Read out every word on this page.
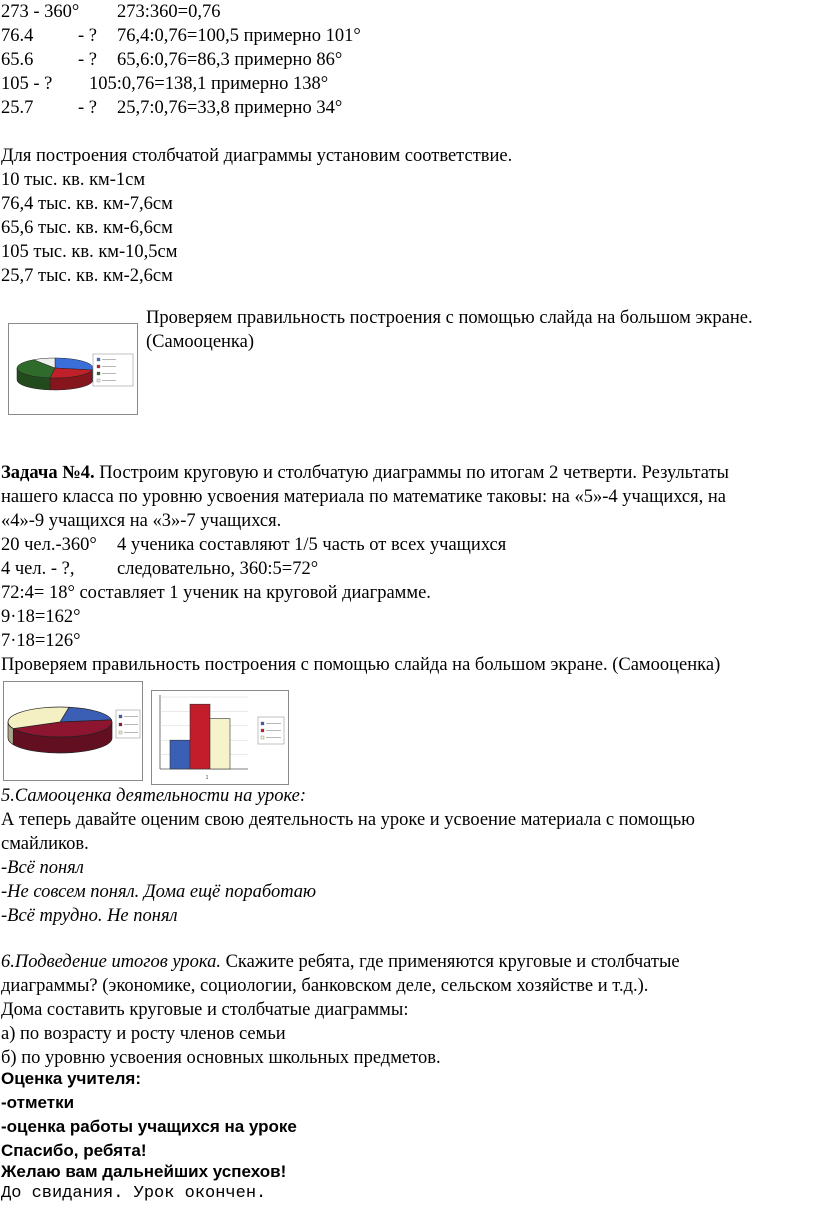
273 - 360° 273:360=0,76
76.4 - ? 76,4:0,76=100,5 примерно 101°
65.6 - ? 65,6:0,76=86,3 примерно 86°
105 - ? 105:0,76=138,1 примерно 138°
25.7 - ? 25,7:0,76=33,8 примерно 34°

Для построения столбчатой диаграммы установим соответствие.

10 тыс. кв. км-1см

76,4 тыс. кв. км-7,6см

65,6 тыс. кв. км-6,6см

105 тыс. кв. км-10,5см

25,7 тыс. кв. км-2,6см

Проверяем правильность построения с помощью слайда на большом экране.

(Самооценка)

Задача №4. Построим круговую и столбчатую диаграммы по итогам 2 четверти. Результаты

нашего класса по уровню усвоения материала по математике таковы: на «5»-4 учащихся, на

«4»-9 учащихся на «3»-7 учащихся.

20 чел.-360° 4 ученика составляют 1/5 часть от всех учащихся
4 чел. - ?, следовательно, 360:5=72°

72:4= 18° составляет 1 ученик на круговой диаграмме.

9·18=162°

7·18=126°

Проверяем правильность построения с помощью слайда на большом экране. (Самооценка)

1

5.Самооценка деятельности на уроке:

А теперь давайте оценим свою деятельность на уроке и усвоение материала с помощью

смайликов.

-Всё понял

-Не совсем понял. Дома ещё поработаю

-Всё трудно. Не понял

6.Подведение итогов урока. Скажите ребята, где применяются круговые и столбчатые

диаграммы? (экономике, социологии, банковском деле, сельском хозяйстве и т.д.).

Дома составить круговые и столбчатые диаграммы:

а) по возрасту и росту членов семьи

б) по уровню усвоения основных школьных предметов.

Оценка учителя:

-отметки

-оценка работы учащихся на уроке

Спасибо, ребята!

Желаю вам дальнейших успехов!

До свидания. Урок окончен.
